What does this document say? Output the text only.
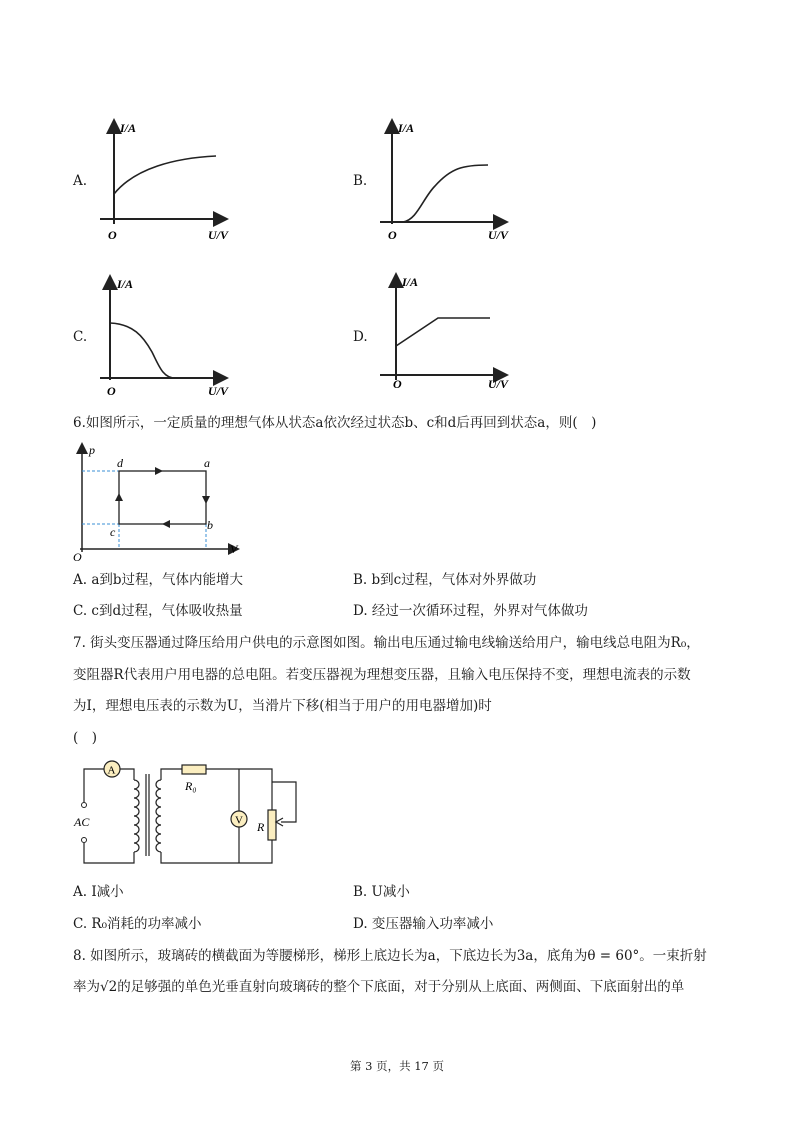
A.
I/A
O	U/V
B.
I/A
O	U/V
C.
I/A
O	U/V
D.
I/A
O	U/V
6.如图所示，一定质量的理想气体从状态a依次经过状态b、c和d后再回到状态a，则(　)
p
O
V
a
b
c
d
A. a到b过程，气体内能增大	B. b到c过程，气体对外界做功
C. c到d过程，气体吸收热量	D. 经过一次循环过程，外界对气体做功
7. 街头变压器通过降压给用户供电的示意图如图。输出电压通过输电线输送给用户，输电线总电阻为R₀，
变阻器R代表用户用电器的总电阻。若变压器视为理想变压器，且输入电压保持不变，理想电流表的示数
为I，理想电压表的示数为U，当滑片下移(相当于用户的用电器增加)时
(　)
A
AC
R₀
V R
A. I减小	B. U减小
C. R₀消耗的功率减小	D. 变压器输入功率减小
8. 如图所示，玻璃砖的横截面为等腰梯形，梯形上底边长为a，下底边长为3a，底角为θ = 60°。一束折射
率为√2的足够强的单色光垂直射向玻璃砖的整个下底面，对于分别从上底面、两侧面、下底面射出的单
第 3 页，共 17 页
